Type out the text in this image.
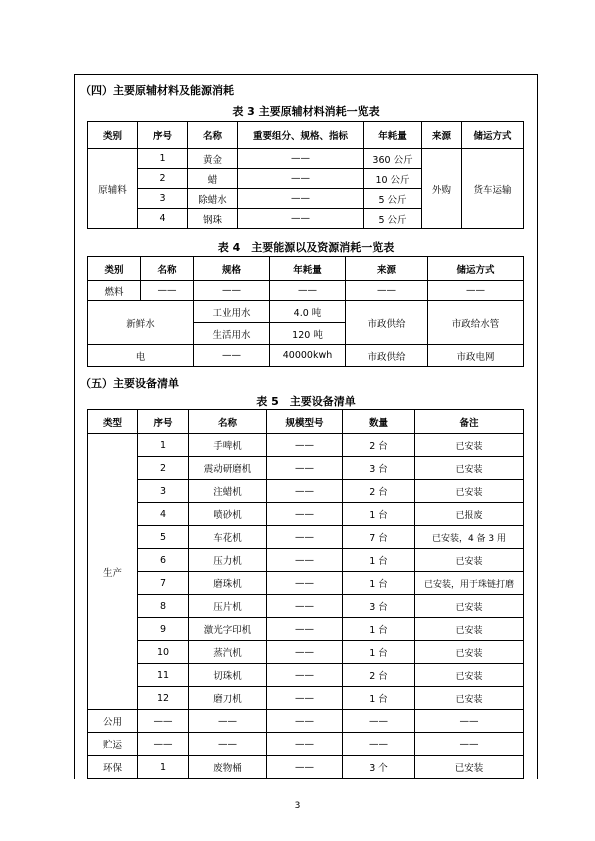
（四）主要原辅材料及能源消耗
表 3 主要原辅材料消耗一览表
类别	序号	名称	重要组分、规格、指标	年耗量	来源	储运方式
原辅料	1	黄金	——	360 公斤	外购	货车运输
	2	蜡	——	10 公斤		
	3	除蜡水	——	5 公斤		
	4	钢珠	——	5 公斤		
表 4　主要能源以及资源消耗一览表
类别	名称	规格	年耗量	来源	储运方式
燃料	——	——	——	——	——
新鲜水		工业用水	4.0 吨	市政供给	市政给水管
		生活用水	120 吨		
电		——	40000kwh	市政供给	市政电网
（五）主要设备清单
表 5　主要设备清单
类型	序号	名称	规模型号	数量	备注
生产	1	手啤机	——	2 台	已安装
	2	震动研磨机	——	3 台	已安装
	3	注蜡机	——	2 台	已安装
	4	喷砂机	——	1 台	已报废
	5	车花机	——	7 台	已安装，4 备 3 用
	6	压力机	——	1 台	已安装
	7	磨珠机	——	1 台	已安装，用于珠链打磨
	8	压片机	——	3 台	已安装
	9	激光字印机	——	1 台	已安装
	10	蒸汽机	——	1 台	已安装
	11	切珠机	——	2 台	已安装
	12	磨刀机	——	1 台	已安装
公用	——	——	——	——	——
贮运	——	——	——	——	——
环保	1	废物桶	——	3 个	已安装
3
